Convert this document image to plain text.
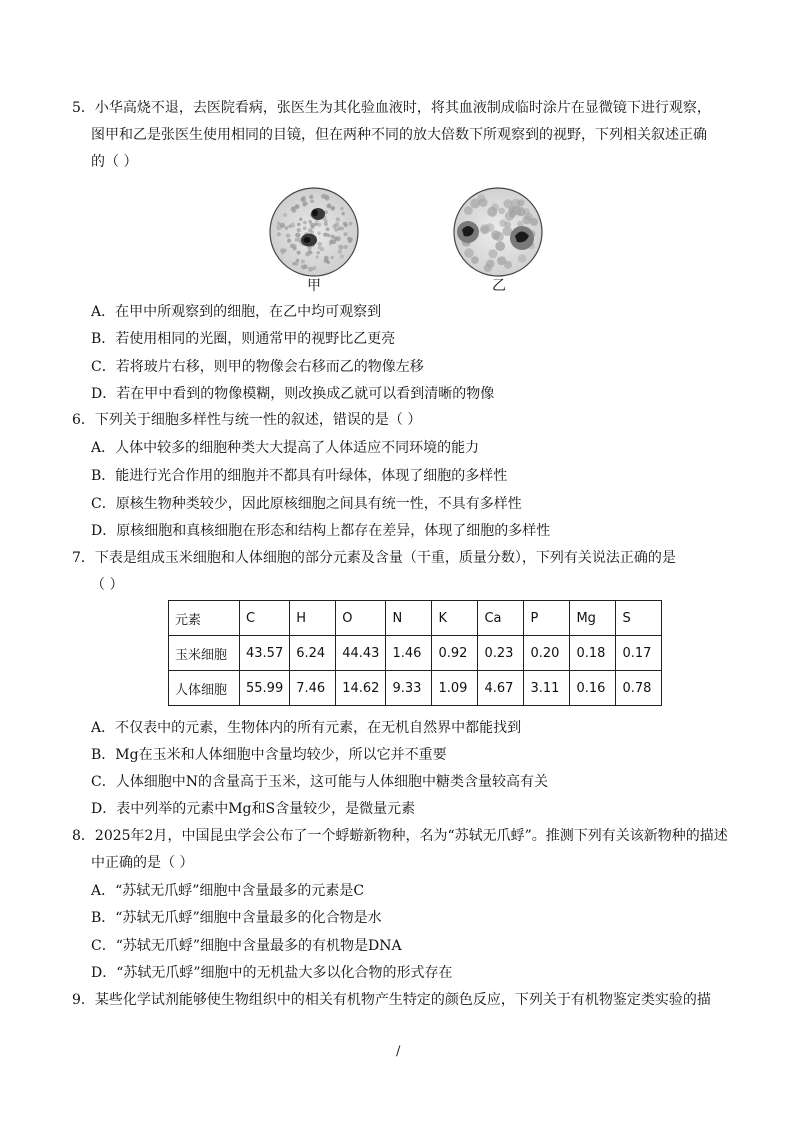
5．小华高烧不退，去医院看病，张医生为其化验血液时，将其血液制成临时涂片在显微镜下进行观察，
图甲和乙是张医生使用相同的目镜，但在两种不同的放大倍数下所观察到的视野，下列相关叙述正确
的（ ）
甲	乙
A．在甲中所观察到的细胞，在乙中均可观察到
B．若使用相同的光圈，则通常甲的视野比乙更亮
C．若将玻片右移，则甲的物像会右移而乙的物像左移
D．若在甲中看到的物像模糊，则改换成乙就可以看到清晰的物像
6．下列关于细胞多样性与统一性的叙述，错误的是（ ）
A．人体中较多的细胞种类大大提高了人体适应不同环境的能力
B．能进行光合作用的细胞并不都具有叶绿体，体现了细胞的多样性
C．原核生物种类较少，因此原核细胞之间具有统一性，不具有多样性
D．原核细胞和真核细胞在形态和结构上都存在差异，体现了细胞的多样性
7．下表是组成玉米细胞和人体细胞的部分元素及含量（干重，质量分数），下列有关说法正确的是
（ ）
元素	C	H	O	N	K	Ca	P	Mg	S
玉米细胞	43.57	6.24	44.43	1.46	0.92	0.23	0.20	0.18	0.17
人体细胞	55.99	7.46	14.62	9.33	1.09	4.67	3.11	0.16	0.78
A．不仅表中的元素，生物体内的所有元素，在无机自然界中都能找到
B．Mg在玉米和人体细胞中含量均较少，所以它并不重要
C．人体细胞中N的含量高于玉米，这可能与人体细胞中糖类含量较高有关
D．表中列举的元素中Mg和S含量较少，是微量元素
8．2025年2月，中国昆虫学会公布了一个蜉蝣新物种，名为“苏轼无爪蜉”。推测下列有关该新物种的描述
中正确的是（ ）
A．“苏轼无爪蜉”细胞中含量最多的元素是C
B．“苏轼无爪蜉”细胞中含量最多的化合物是水
C．“苏轼无爪蜉”细胞中含量最多的有机物是DNA
D．“苏轼无爪蜉”细胞中的无机盐大多以化合物的形式存在
9．某些化学试剂能够使生物组织中的相关有机物产生特定的颜色反应，下列关于有机物鉴定类实验的描
/
